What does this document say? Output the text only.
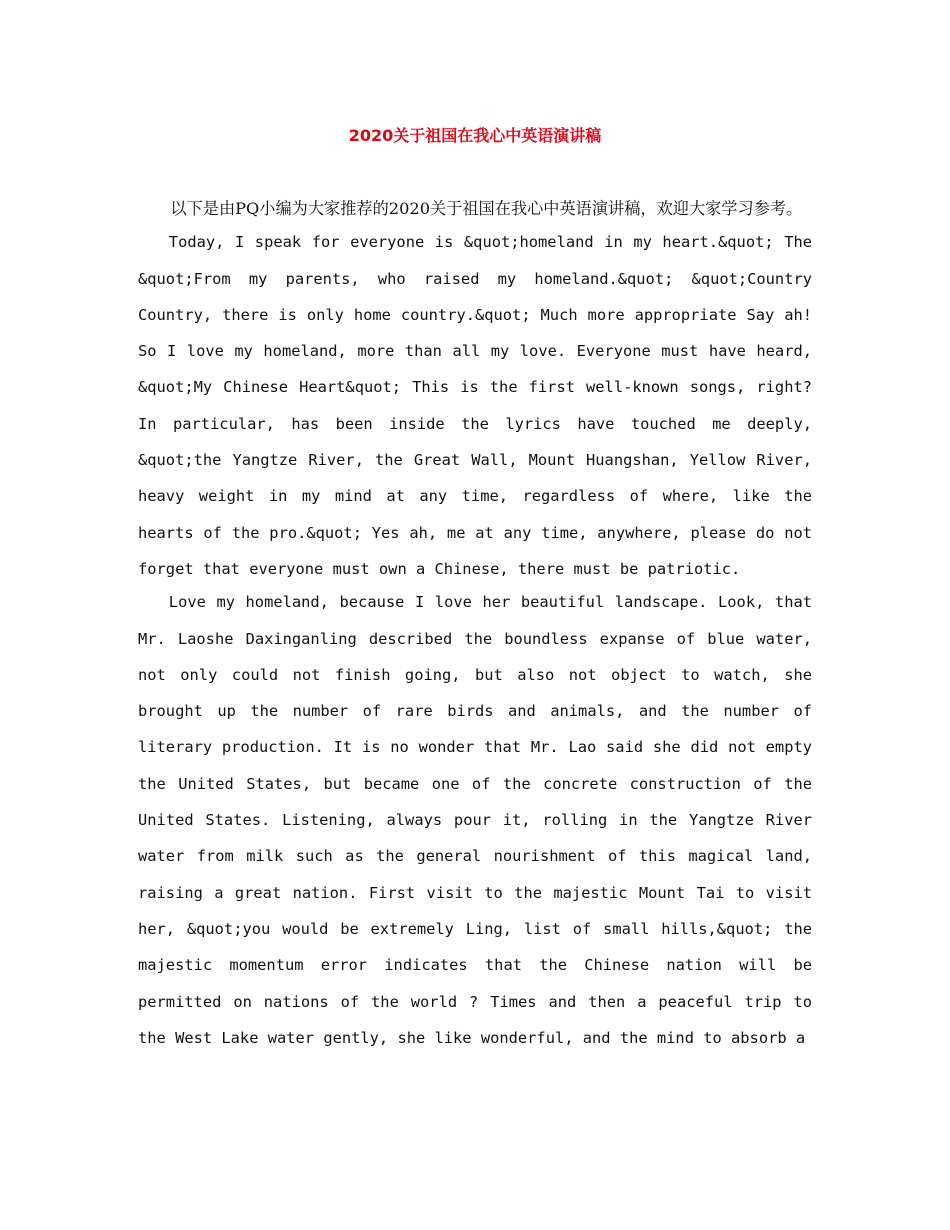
2020关于祖国在我心中英语演讲稿

以下是由PQ小编为大家推荐的2020关于祖国在我心中英语演讲稿，欢迎大家学习参考。

Today, I speak for everyone is &quot;homeland in my heart.&quot; The &quot;From my parents, who raised my homeland.&quot; &quot;Country Country, there is only home country.&quot; Much more appropriate Say ah! So I love my homeland, more than all my love. Everyone must have heard, &quot;My Chinese Heart&quot; This is the first well-known songs, right? In particular, has been inside the lyrics have touched me deeply, &quot;the Yangtze River, the Great Wall, Mount Huangshan, Yellow River, heavy weight in my mind at any time, regardless of where, like the hearts of the pro.&quot; Yes ah, me at any time, anywhere, please do not forget that everyone must own a Chinese, there must be patriotic.

Love my homeland, because I love her beautiful landscape. Look, that Mr. Laoshe Daxinganling described the boundless expanse of blue water, not only could not finish going, but also not object to watch, she brought up the number of rare birds and animals, and the number of literary production. It is no wonder that Mr. Lao said she did not empty the United States, but became one of the concrete construction of the United States. Listening, always pour it, rolling in the Yangtze River water from milk such as the general nourishment of this magical land, raising a great nation. First visit to the majestic Mount Tai to visit her, &quot;you would be extremely Ling, list of small hills,&quot; the majestic momentum error indicates that the Chinese nation will be permitted on nations of the world ? Times and then a peaceful trip to the West Lake water gently, she like wonderful, and the mind to absorb a
